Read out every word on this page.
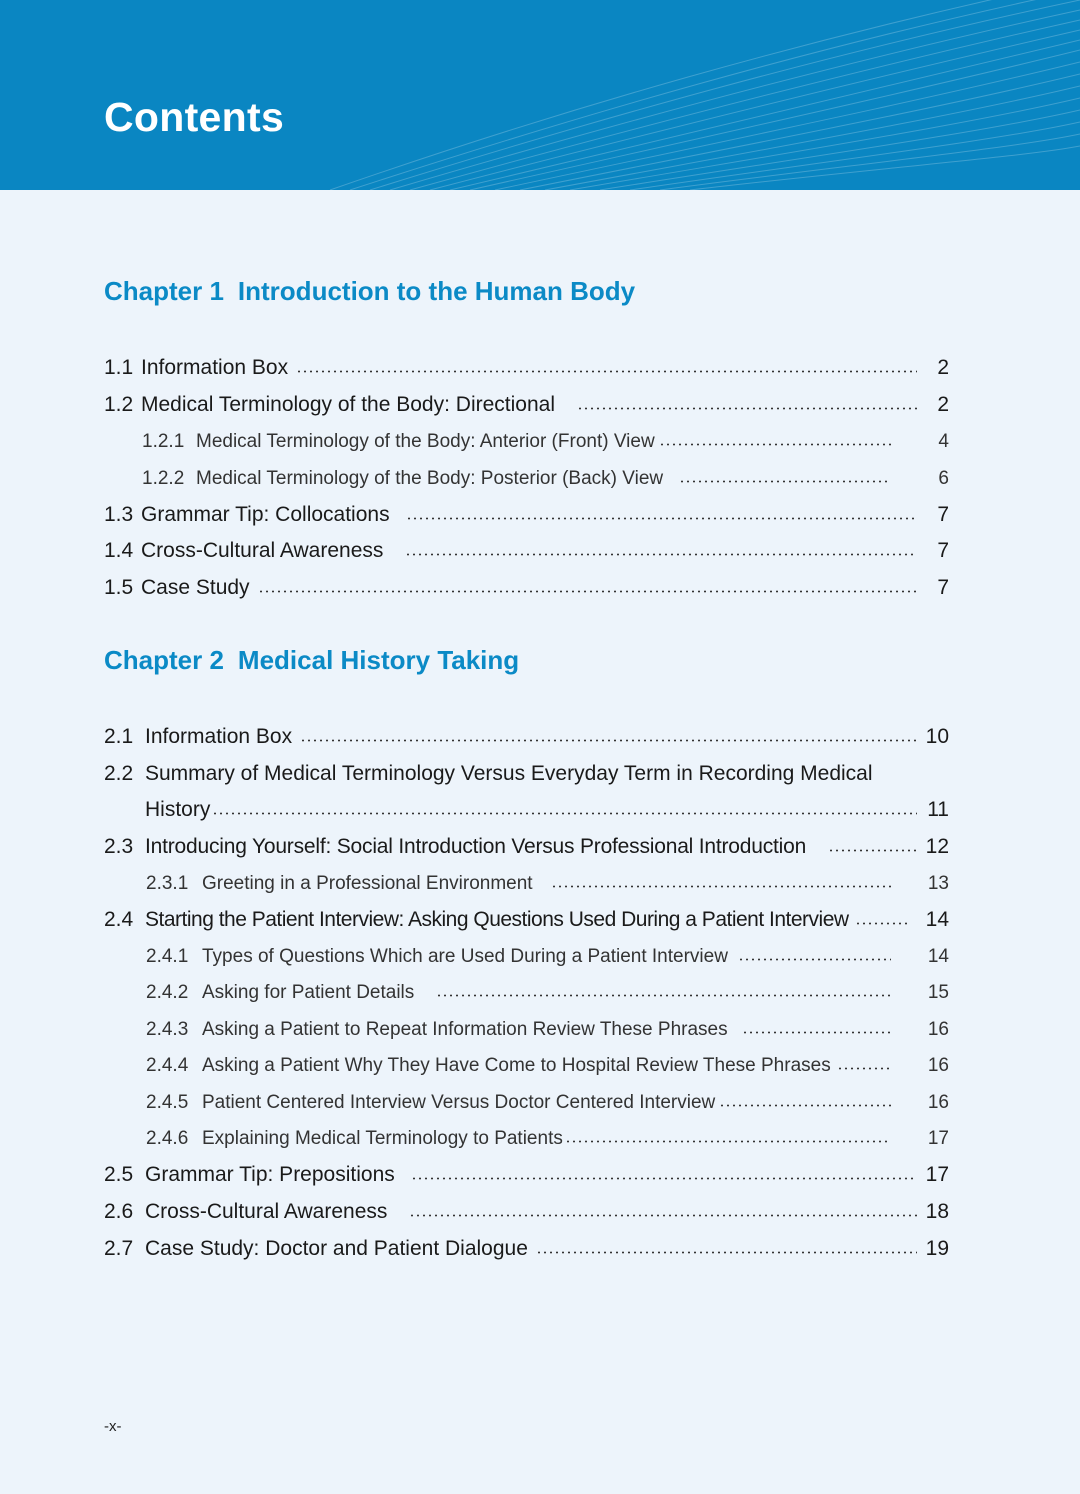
Contents
Chapter 1 Introduction to the Human Body
1.1 Information Box	2
1.2 Medical Terminology of the Body: Directional	2
1.2.1 Medical Terminology of the Body: Anterior (Front) View	4
1.2.2 Medical Terminology of the Body: Posterior (Back) View	6
1.3 Grammar Tip: Collocations	7
1.4 Cross-Cultural Awareness	7
1.5 Case Study	7
Chapter 2 Medical History Taking
2.1 Information Box	10
2.2 Summary of Medical Terminology Versus Everyday Term in Recording Medical
History	11
2.3 Introducing Yourself: Social Introduction Versus Professional Introduction	12
2.3.1 Greeting in a Professional Environment	13
2.4 Starting the Patient Interview: Asking Questions Used During a Patient Interview	14
2.4.1 Types of Questions Which are Used During a Patient Interview	14
2.4.2 Asking for Patient Details	15
2.4.3 Asking a Patient to Repeat Information Review These Phrases	16
2.4.4 Asking a Patient Why They Have Come to Hospital Review These Phrases	16
2.4.5 Patient Centered Interview Versus Doctor Centered Interview	16
2.4.6 Explaining Medical Terminology to Patients	17
2.5 Grammar Tip: Prepositions	17
2.6 Cross-Cultural Awareness	18
2.7 Case Study: Doctor and Patient Dialogue	19
-x-
